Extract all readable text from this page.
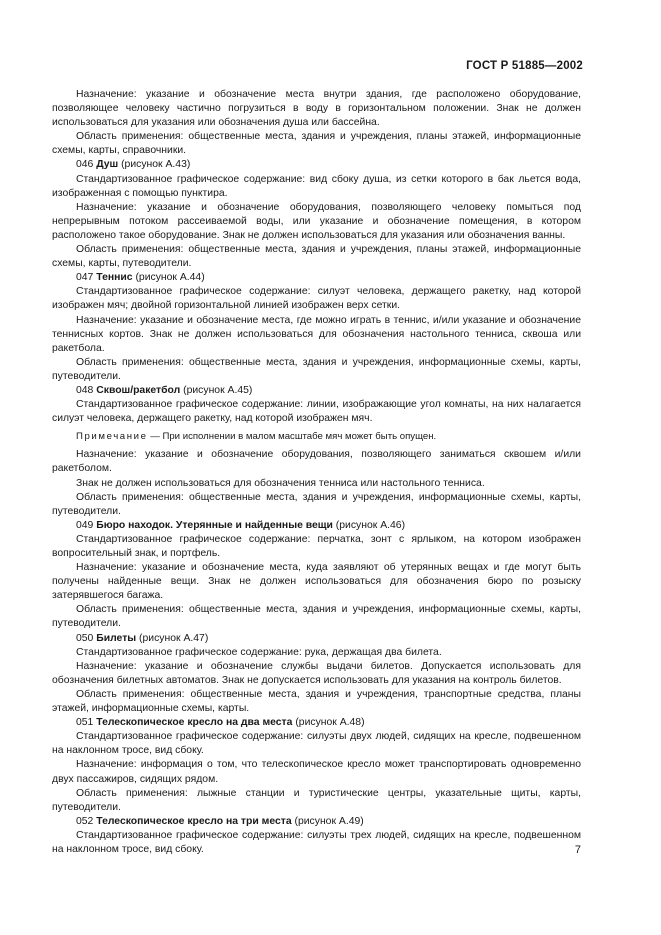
ГОСТ Р 51885—2002

Назначение: указание и обозначение места внутри здания, где расположено оборудование, позволяющее человеку частично погрузиться в воду в горизонтальном положении. Знак не должен использоваться для указания или обозначения душа или бассейна.

Область применения: общественные места, здания и учреждения, планы этажей, информационные схемы, карты, справочники.

046 Душ (рисунок А.43)

Стандартизованное графическое содержание: вид сбоку душа, из сетки которого в бак льется вода, изображенная с помощью пунктира.

Назначение: указание и обозначение оборудования, позволяющего человеку помыться под непрерывным потоком рассеиваемой воды, или указание и обозначение помещения, в котором расположено такое оборудование. Знак не должен использоваться для указания или обозначения ванны.

Область применения: общественные места, здания и учреждения, планы этажей, информационные схемы, карты, путеводители.

047 Теннис (рисунок А.44)

Стандартизованное графическое содержание: силуэт человека, держащего ракетку, над которой изображен мяч; двойной горизонтальной линией изображен верх сетки.

Назначение: указание и обозначение места, где можно играть в теннис, и/или указание и обозначение теннисных кортов. Знак не должен использоваться для обозначения настольного тенниса, сквоша или ракетбола.

Область применения: общественные места, здания и учреждения, информационные схемы, карты, путеводители.

048 Сквош/ракетбол (рисунок А.45)

Стандартизованное графическое содержание: линии, изображающие угол комнаты, на них налагается силуэт человека, держащего ракетку, над которой изображен мяч.

Примечание — При исполнении в малом масштабе мяч может быть опущен.

Назначение: указание и обозначение оборудования, позволяющего заниматься сквошем и/или ракетболом.

Знак не должен использоваться для обозначения тенниса или настольного тенниса.

Область применения: общественные места, здания и учреждения, информационные схемы, карты, путеводители.

049 Бюро находок. Утерянные и найденные вещи (рисунок А.46)

Стандартизованное графическое содержание: перчатка, зонт с ярлыком, на котором изображен вопросительный знак, и портфель.

Назначение: указание и обозначение места, куда заявляют об утерянных вещах и где могут быть получены найденные вещи. Знак не должен использоваться для обозначения бюро по розыску затерявшегося багажа.

Область применения: общественные места, здания и учреждения, информационные схемы, карты, путеводители.

050 Билеты (рисунок А.47)

Стандартизованное графическое содержание: рука, держащая два билета.

Назначение: указание и обозначение службы выдачи билетов. Допускается использовать для обозначения билетных автоматов. Знак не допускается использовать для указания на контроль билетов.

Область применения: общественные места, здания и учреждения, транспортные средства, планы этажей, информационные схемы, карты.

051 Телескопическое кресло на два места (рисунок А.48)

Стандартизованное графическое содержание: силуэты двух людей, сидящих на кресле, подвешенном на наклонном тросе, вид сбоку.

Назначение: информация о том, что телескопическое кресло может транспортировать одновременно двух пассажиров, сидящих рядом.

Область применения: лыжные станции и туристические центры, указательные щиты, карты, путеводители.

052 Телескопическое кресло на три места (рисунок А.49)

Стандартизованное графическое содержание: силуэты трех людей, сидящих на кресле, подвешенном на наклонном тросе, вид сбоку.	7
